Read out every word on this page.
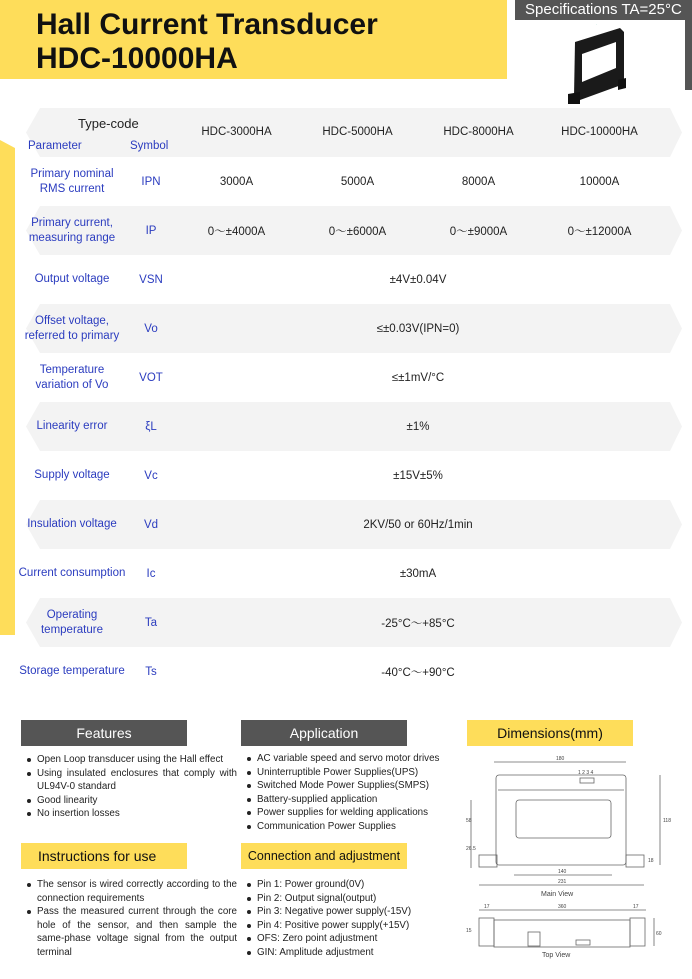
Hall Current Transducer
HDC-10000HA
Specifications TA=25°C
Type-code
Parameter	Symbol
HDC-3000HA	HDC-5000HA	HDC-8000HA	HDC-10000HA
Primary nominal RMS current
IPN	3000A	5000A	8000A	10000A
Primary current, measuring range
IP	0～±4000A	0～±6000A	0～±9000A	0～±12000A
Output voltage	VSN	±4V±0.04V
Offset voltage, referred to primary
Vo	≤±0.03V(IPN=0)
Temperature variation of Vo
VOT	≤±1mV/°C
Linearity error	ξL	±1%
Supply voltage	Vc	±15V±5%
Insulation voltage	Vd	2KV/50 or 60Hz/1min
Current consumption	Ic	±30mA
Operating temperature
Ta	-25°C～+85°C
Storage temperature	Ts	-40°C～+90°C
Features
Open Loop transducer using the Hall effect
Using insulated enclosures that comply with UL94V-0 standard
Good linearity
No insertion losses
Application
AC variable speed and servo motor drives
Uninterruptible Power Supplies(UPS)
Switched Mode Power Supplies(SMPS)
Battery-supplied application
Power supplies for welding applications
Communication Power Supplies
Instructions for use
The sensor is wired correctly according to the connection requirements
Pass the measured current through the core hole of the sensor, and then sample the same-phase voltage signal from the output terminal
Connection and adjustment
Pin 1: Power ground(0V)
Pin 2: Output signal(output)
Pin 3: Negative power supply(-15V)
Pin 4: Positive power supply(+15V)
OFS: Zero point adjustment
GIN: Amplitude adjustment
Dimensions(mm)
180
1 2 3 4
118
58
26.5
18
140
231
17	360	17
60
15
Main View
Top View
